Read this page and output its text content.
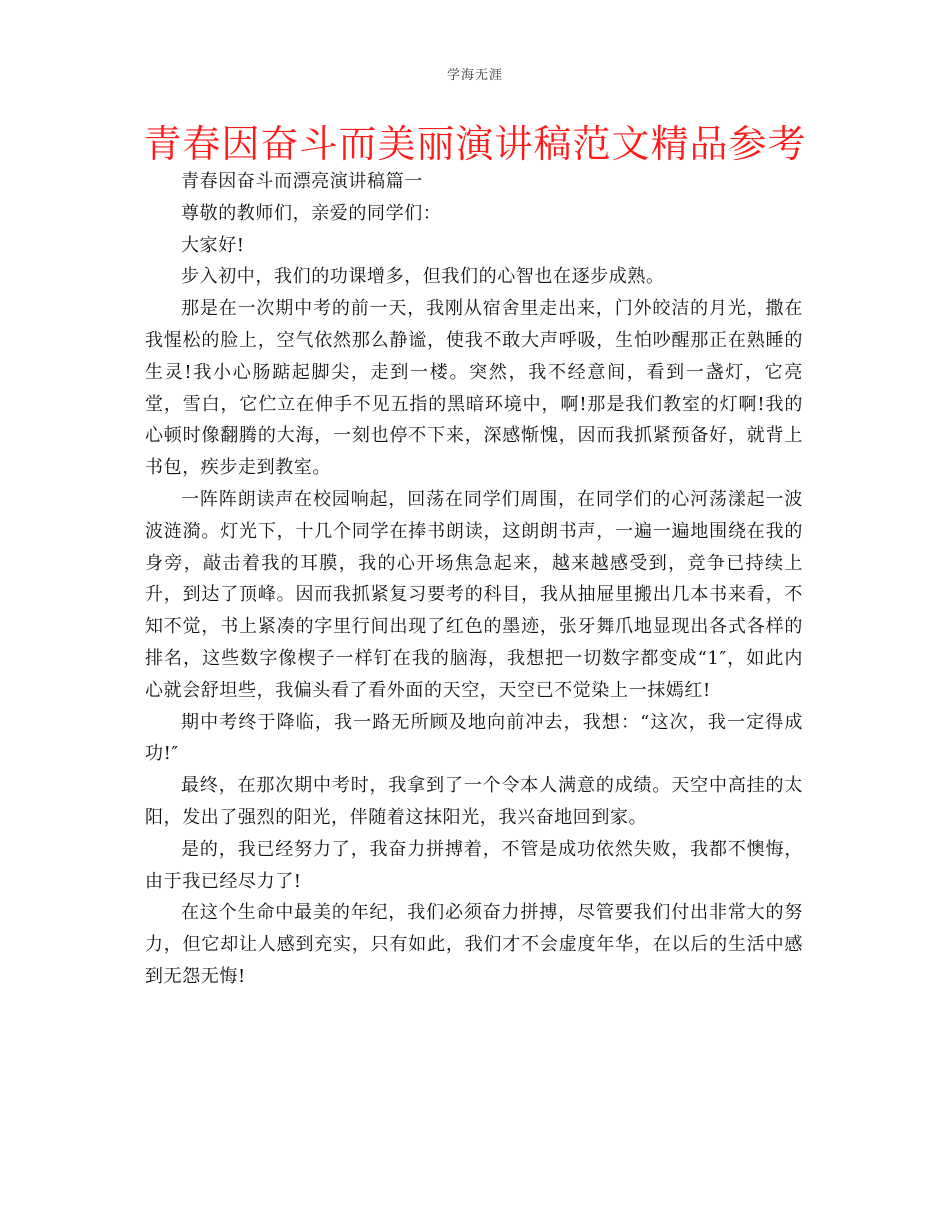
学海无涯
青春因奋斗而美丽演讲稿范文精品参考

青春因奋斗而漂亮演讲稿篇一

尊敬的教师们，亲爱的同学们：

大家好!

步入初中，我们的功课增多，但我们的心智也在逐步成熟。

那是在一次期中考的前一天，我刚从宿舍里走出来，门外皎洁的月光，撒在我惺松的脸上，空气依然那么静谧，使我不敢大声呼吸，生怕吵醒那正在熟睡的生灵!我小心肠踮起脚尖，走到一楼。突然，我不经意间，看到一盏灯，它亮堂，雪白，它伫立在伸手不见五指的黑暗环境中，啊!那是我们教室的灯啊!我的心顿时像翻腾的大海，一刻也停不下来，深感惭愧，因而我抓紧预备好，就背上书包，疾步走到教室。

一阵阵朗读声在校园响起，回荡在同学们周围，在同学们的心河荡漾起一波波涟漪。灯光下，十几个同学在捧书朗读，这朗朗书声，一遍一遍地围绕在我的身旁，敲击着我的耳膜，我的心开场焦急起来，越来越感受到，竞争已持续上升，到达了顶峰。因而我抓紧复习要考的科目，我从抽屉里搬出几本书来看，不知不觉，书上紧凑的字里行间出现了红色的墨迹，张牙舞爪地显现出各式各样的排名，这些数字像楔子一样钉在我的脑海，我想把一切数字都变成“1″，如此内心就会舒坦些，我偏头看了看外面的天空，天空已不觉染上一抹嫣红!

期中考终于降临，我一路无所顾及地向前冲去，我想：“这次，我一定得成功!″

最终，在那次期中考时，我拿到了一个令本人满意的成绩。天空中高挂的太阳，发出了强烈的阳光，伴随着这抹阳光，我兴奋地回到家。

是的，我已经努力了，我奋力拼搏着，不管是成功依然失败，我都不懊悔，由于我已经尽力了!

在这个生命中最美的年纪，我们必须奋力拼搏，尽管要我们付出非常大的努力，但它却让人感到充实，只有如此，我们才不会虚度年华，在以后的生活中感到无怨无悔!
